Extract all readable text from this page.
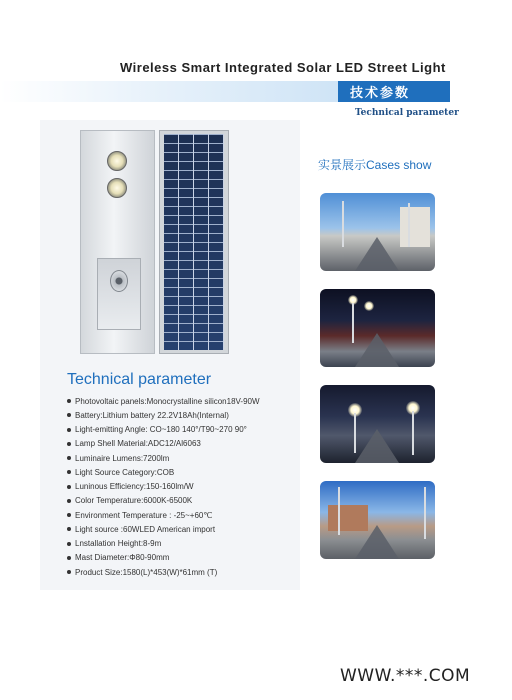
Wireless Smart Integrated Solar LED Street Light
技术参数
Technical parameter
实景展示Cases show
Technical parameter
Photovoltaic panels:Monocrystalline silicon18V-90W
Battery:Lithium battery 22.2V18Ah(Internal)
Light-emitting Angle: CO~180 140°/T90~270 90°
Lamp Shell Material:ADC12/Al6063
Luminaire Lumens:7200lm
Light Source Category:COB
Luninous Efficiency:150-160lm/W
Color Temperature:6000K-6500K
Environment Temperature : -25~+60℃
Light source :60WLED American import
Lnstallation Height:8-9m
Mast Diameter:Φ80-90mm
Product Size:1580(L)*453(W)*61mm (T)
WWW.***.COM
